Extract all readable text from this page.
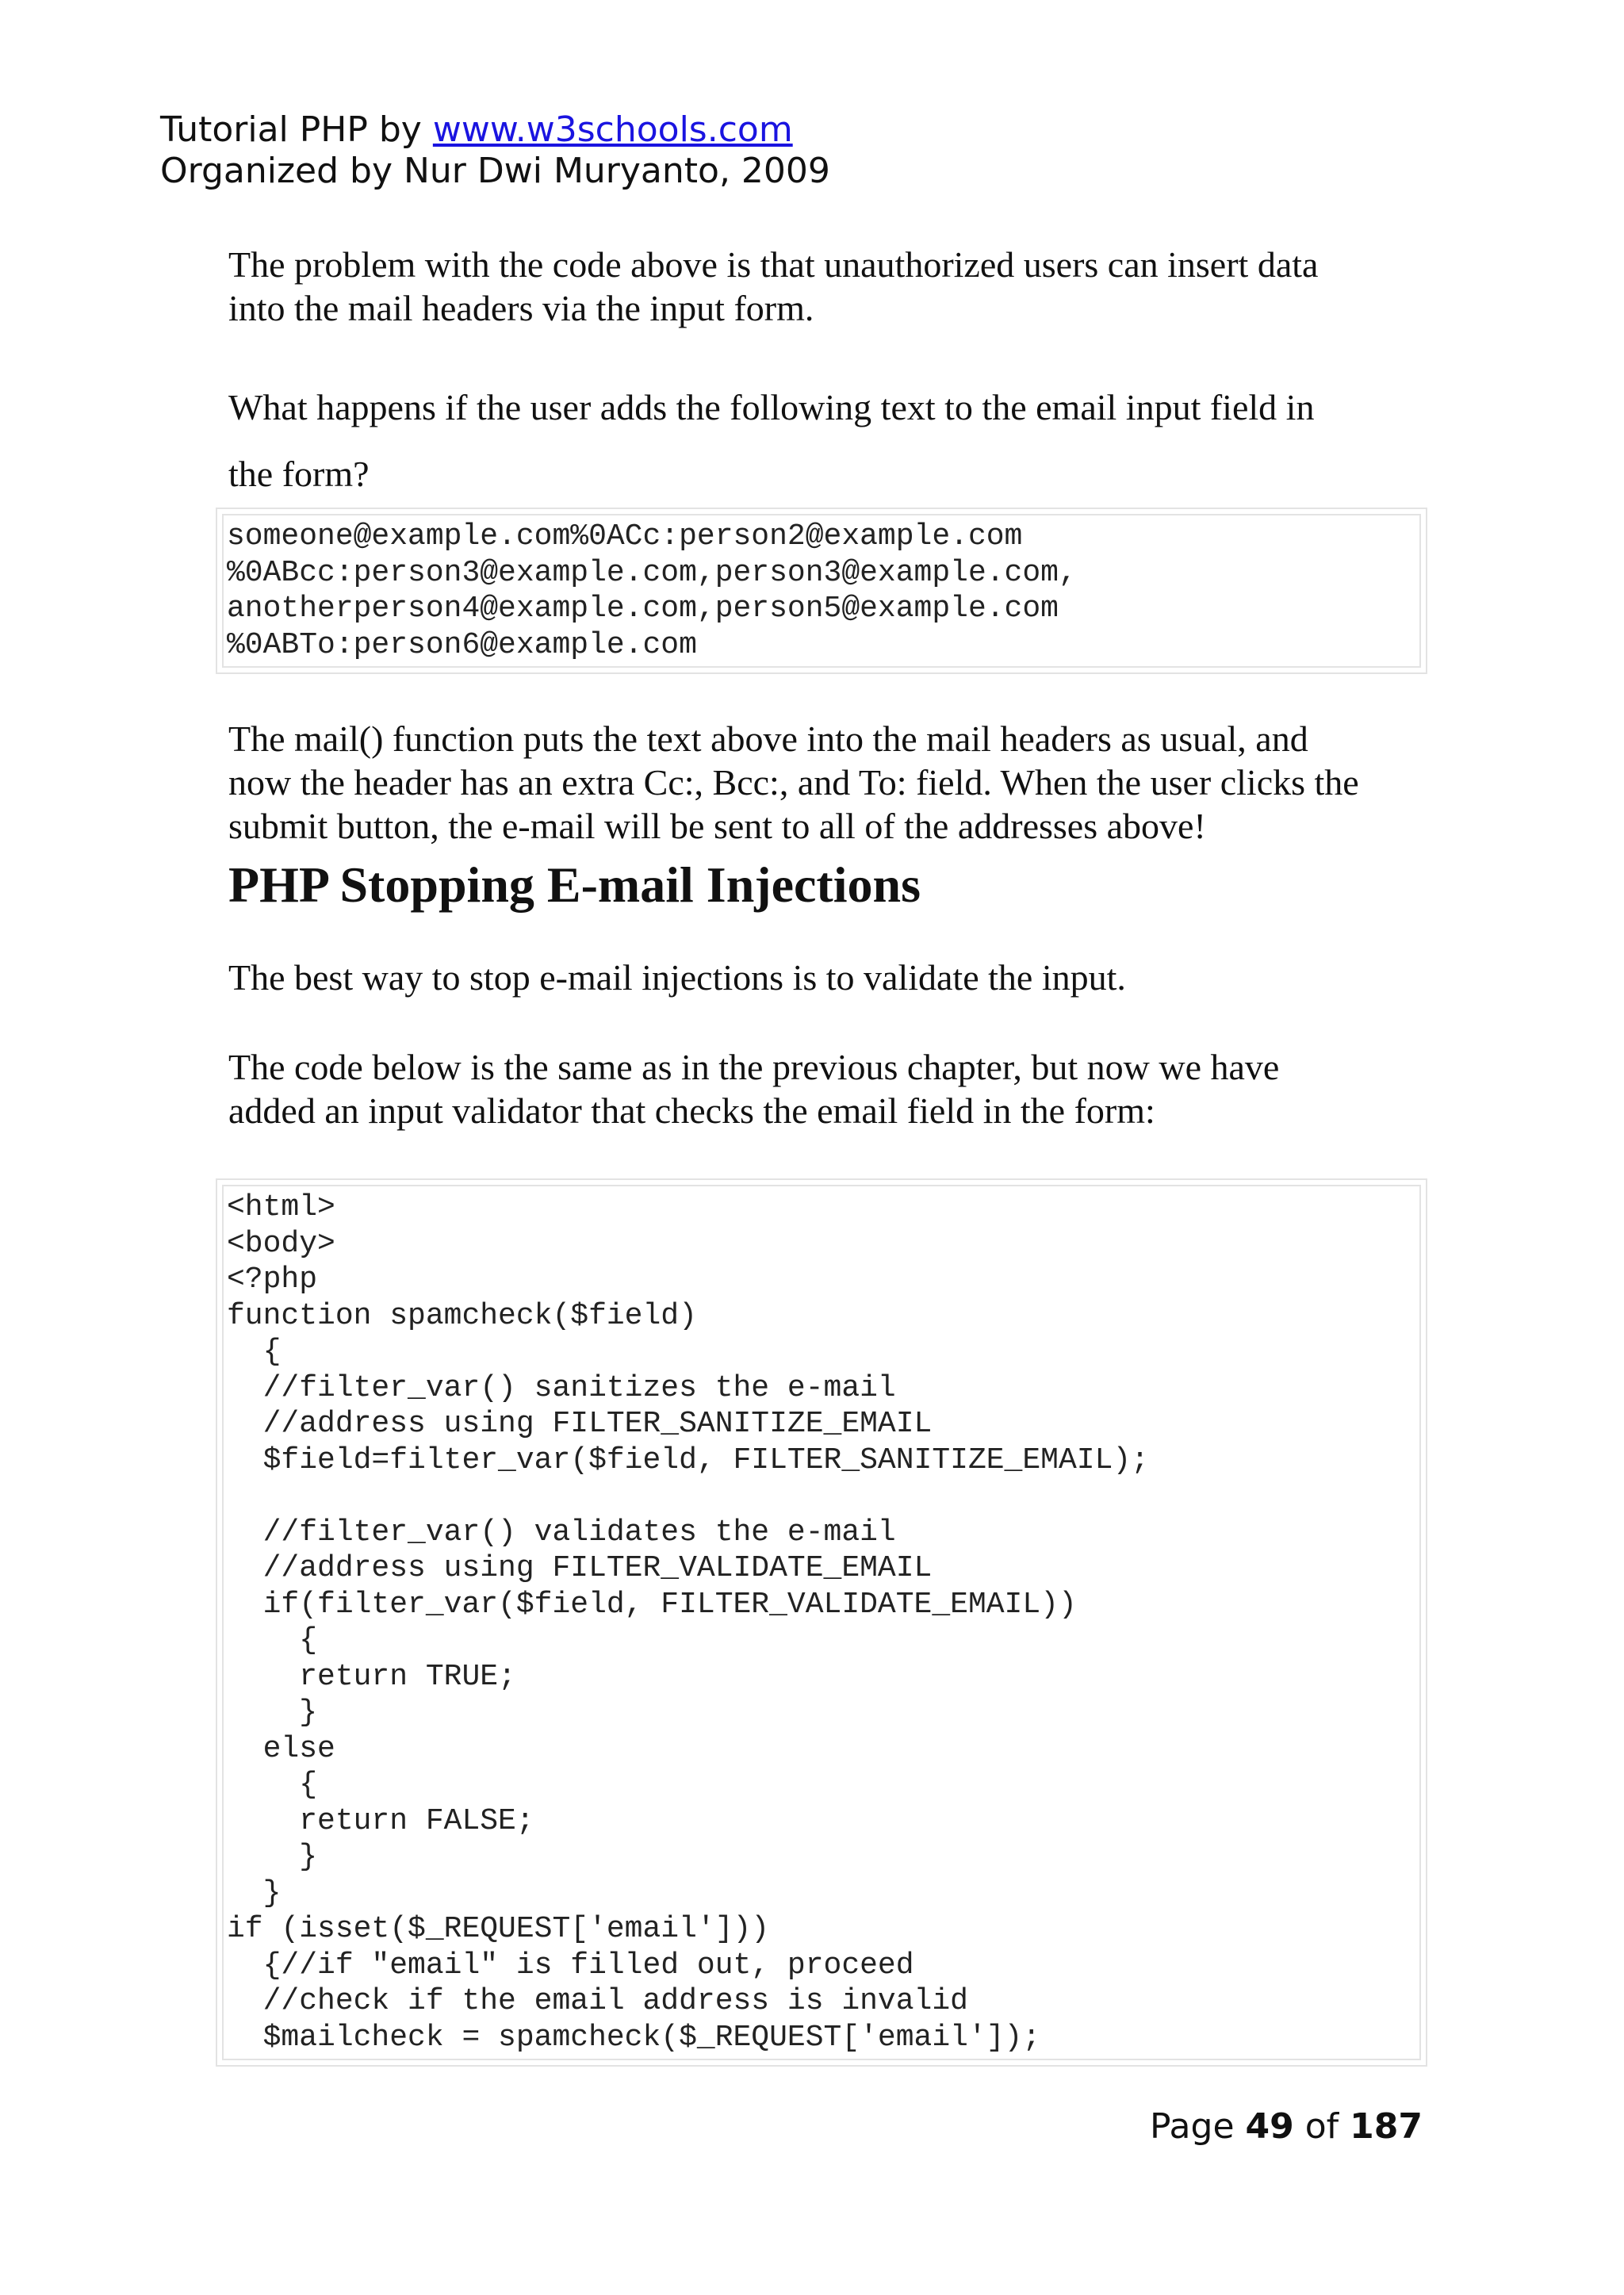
Tutorial PHP by www.w3schools.com
Organized by Nur Dwi Muryanto, 2009
The problem with the code above is that unauthorized users can insert data
into the mail headers via the input form.
What happens if the user adds the following text to the email input field in
the form?
someone@example.com%0ACc:person2@example.com
%0ABcc:person3@example.com,person3@example.com,
anotherperson4@example.com,person5@example.com
%0ABTo:person6@example.com
The mail() function puts the text above into the mail headers as usual, and
now the header has an extra Cc:, Bcc:, and To: field. When the user clicks the
submit button, the e-mail will be sent to all of the addresses above!
PHP Stopping E-mail Injections
The best way to stop e-mail injections is to validate the input.
The code below is the same as in the previous chapter, but now we have
added an input validator that checks the email field in the form:
<html>
<body>
<?php
function spamcheck($field)
{
//filter_var() sanitizes the e-mail
//address using FILTER_SANITIZE_EMAIL
$field=filter_var($field, FILTER_SANITIZE_EMAIL);
//filter_var() validates the e-mail
//address using FILTER_VALIDATE_EMAIL
if(filter_var($field, FILTER_VALIDATE_EMAIL))
{
return TRUE;
}
else
{
return FALSE;
}
}
if (isset($_REQUEST['email']))
{//if "email" is filled out, proceed
//check if the email address is invalid
$mailcheck = spamcheck($_REQUEST['email']);
Page 49 of 187
